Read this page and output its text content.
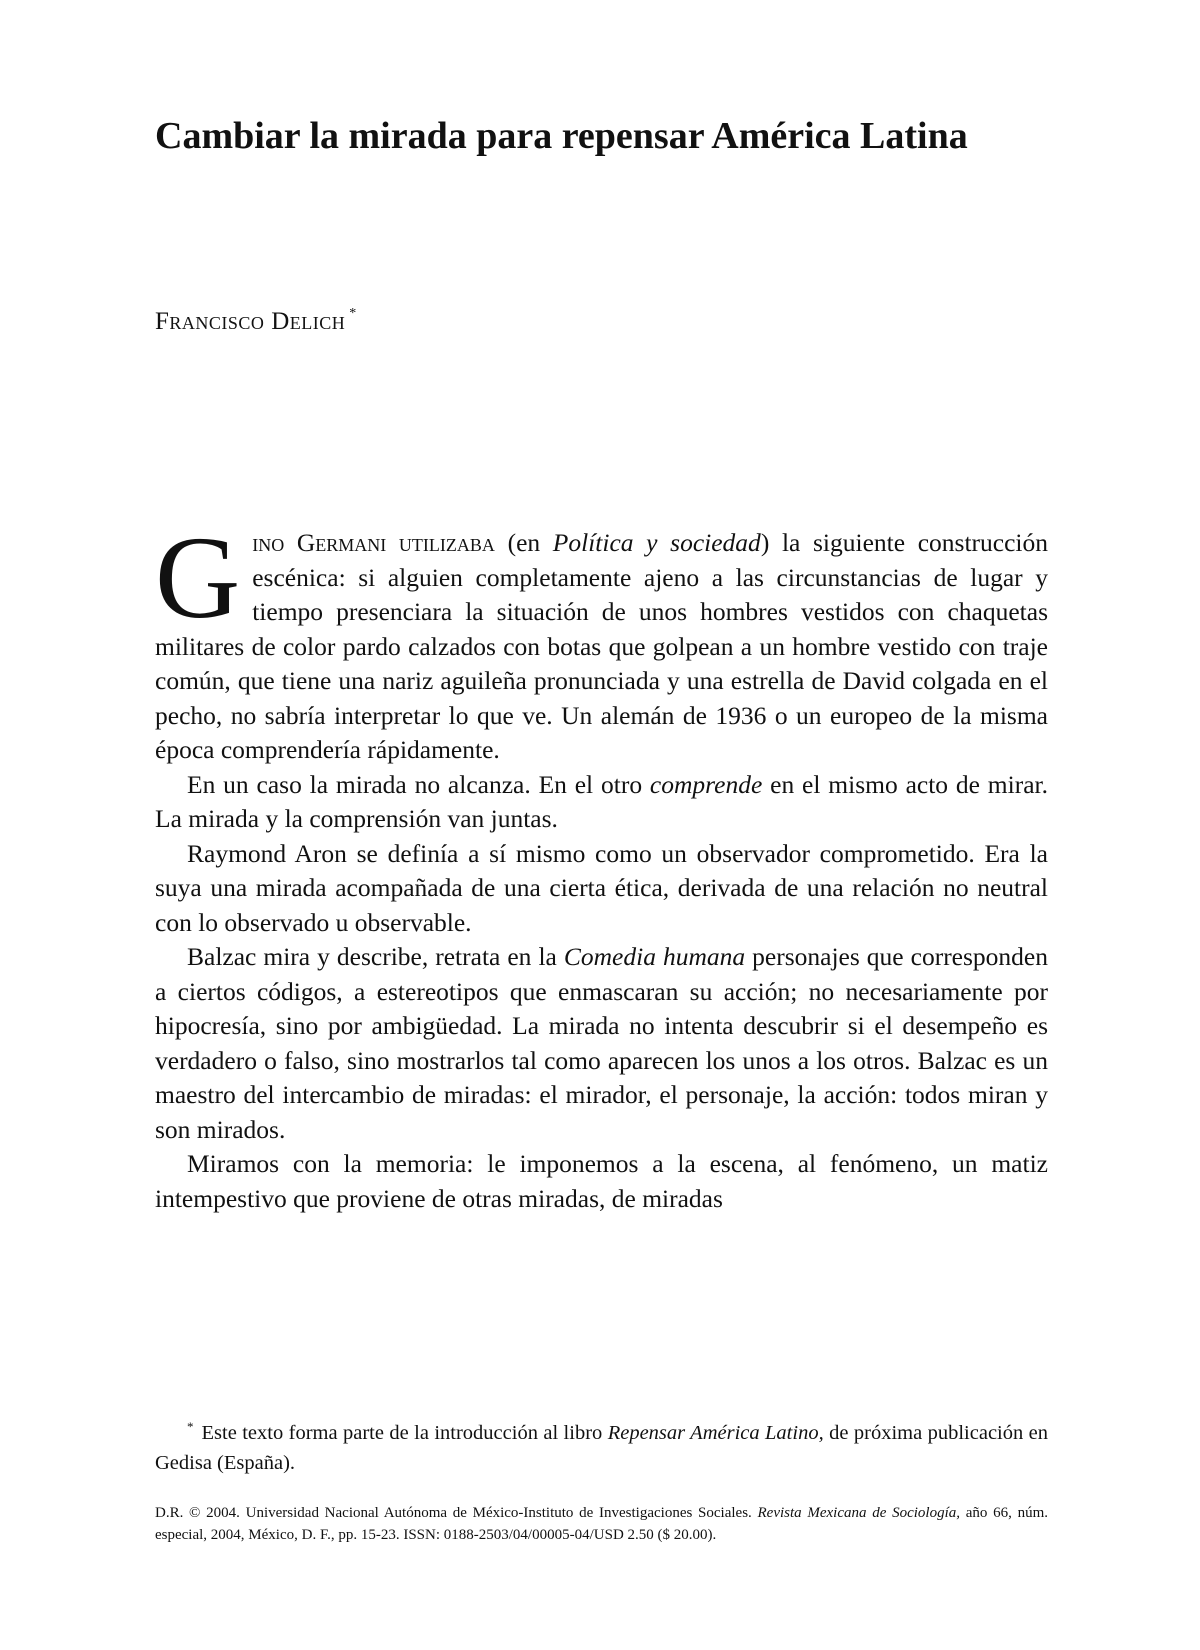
Cambiar la mirada para repensar América Latina
Francisco Delich *

Gino Germani utilizaba (en Política y sociedad) la siguiente construcción escénica: si alguien completamente ajeno a las circunstancias de lugar y tiempo presenciara la situación de unos hombres vestidos con chaquetas militares de color pardo calzados con botas que golpean a un hombre vestido con traje común, que tiene una nariz aguileña pronunciada y una estrella de David colgada en el pecho, no sabría interpretar lo que ve. Un alemán de 1936 o un europeo de la misma época comprendería rápidamente.

En un caso la mirada no alcanza. En el otro comprende en el mismo acto de mirar. La mirada y la comprensión van juntas.

Raymond Aron se definía a sí mismo como un observador comprometido. Era la suya una mirada acompañada de una cierta ética, derivada de una relación no neutral con lo observado u observable.

Balzac mira y describe, retrata en la Comedia humana personajes que corresponden a ciertos códigos, a estereotipos que enmascaran su acción; no necesariamente por hipocresía, sino por ambigüedad. La mirada no intenta descubrir si el desempeño es verdadero o falso, sino mostrarlos tal como aparecen los unos a los otros. Balzac es un maestro del intercambio de miradas: el mirador, el personaje, la acción: todos miran y son mirados.

Miramos con la memoria: le imponemos a la escena, al fenómeno, un matiz intempestivo que proviene de otras miradas, de miradas

* Este texto forma parte de la introducción al libro Repensar América Latino, de próxima publicación en Gedisa (España).

D.R. © 2004. Universidad Nacional Autónoma de México-Instituto de Investigaciones Sociales. Revista Mexicana de Sociología, año 66, núm. especial, 2004, México, D. F., pp. 15-23. ISSN: 0188-2503/04/00005-04/USD 2.50 ($ 20.00).
